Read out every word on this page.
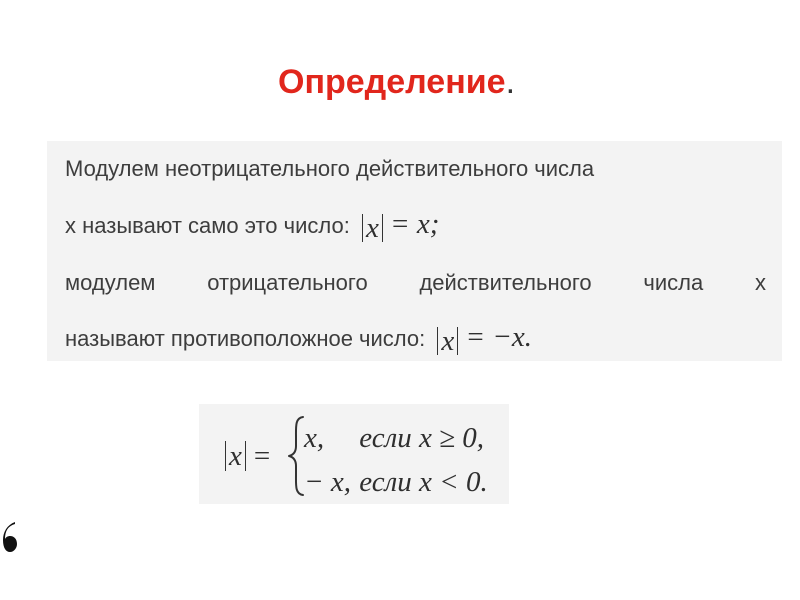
Определение.
Модулем неотрицательного действительного числа
х называют само это число: x = x;
модулем отрицательного действительного числа х
называют противоположное число: x = −x.
x =
x, если x ≥ 0,
− x, если x < 0.
